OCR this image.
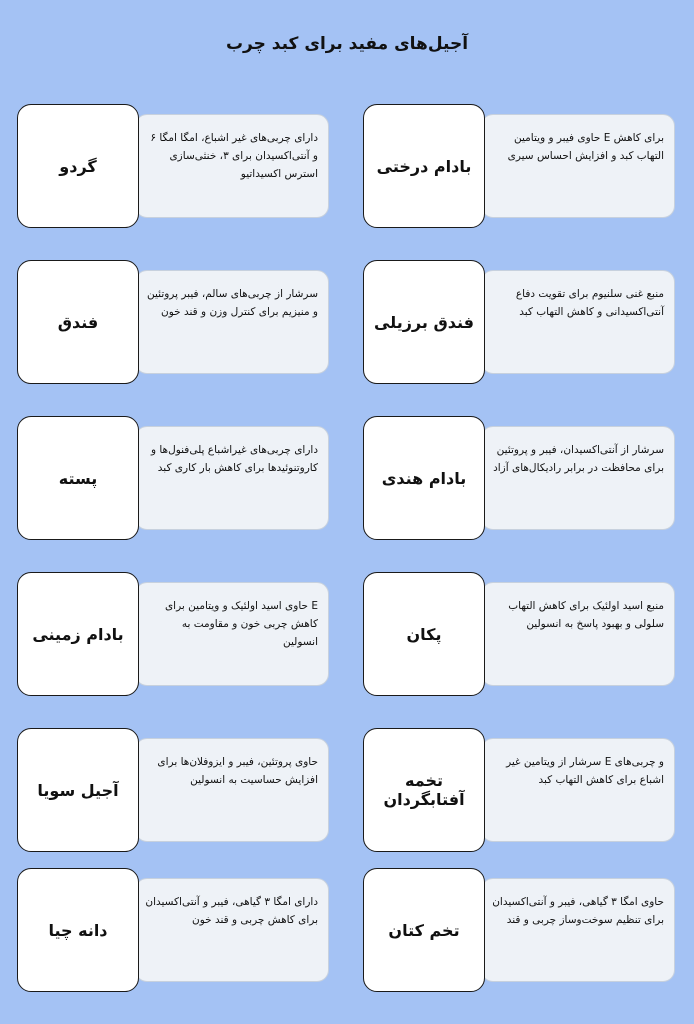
آجیل‌های مفید برای کبد چرب
برای کاهش E حاوی فیبر و ویتامین التهاب کبد و افزایش احساس سیری
بادام درختی
دارای چربی‌های غیر اشباع، امگا امگا ۶ و آنتی‌اکسیدان برای ۳، خنثی‌سازی استرس اکسیداتیو
گردو
منبع غنی سلنیوم برای تقویت دفاع آنتی‌اکسیدانی و کاهش التهاب کبد
فندق برزیلی
سرشار از چربی‌های سالم، فیبر پروتئین و منیزیم برای کنترل وزن و قند خون
فندق
سرشار از آنتی‌اکسیدان، فیبر و پروتئین برای محافظت در برابر رادیکال‌های آزاد
بادام هندی
دارای چربی‌های غیراشباع پلی‌فنول‌ها و کاروتنوئیدها برای کاهش بار کاری کبد
پسته
منبع اسید اولئیک برای کاهش التهاب سلولی و بهبود پاسخ به انسولین
پکان
E حاوی اسید اولئیک و ویتامین برای کاهش چربی خون و مقاومت به انسولین
بادام زمینی
و چربی‌های E سرشار از ویتامین غیر اشباع برای کاهش التهاب کبد
تخمه آفتابگردان
حاوی پروتئین، فیبر و ایزوفلان‌ها برای افزایش حساسیت به انسولین
آجیل سویا
حاوی امگا ۳ گیاهی، فیبر و آنتی‌اکسیدان برای تنظیم سوخت‌وساز چربی و قند
تخم کتان
دارای امگا ۳ گیاهی، فیبر و آنتی‌اکسیدان برای کاهش چربی و قند خون
دانه چیا
